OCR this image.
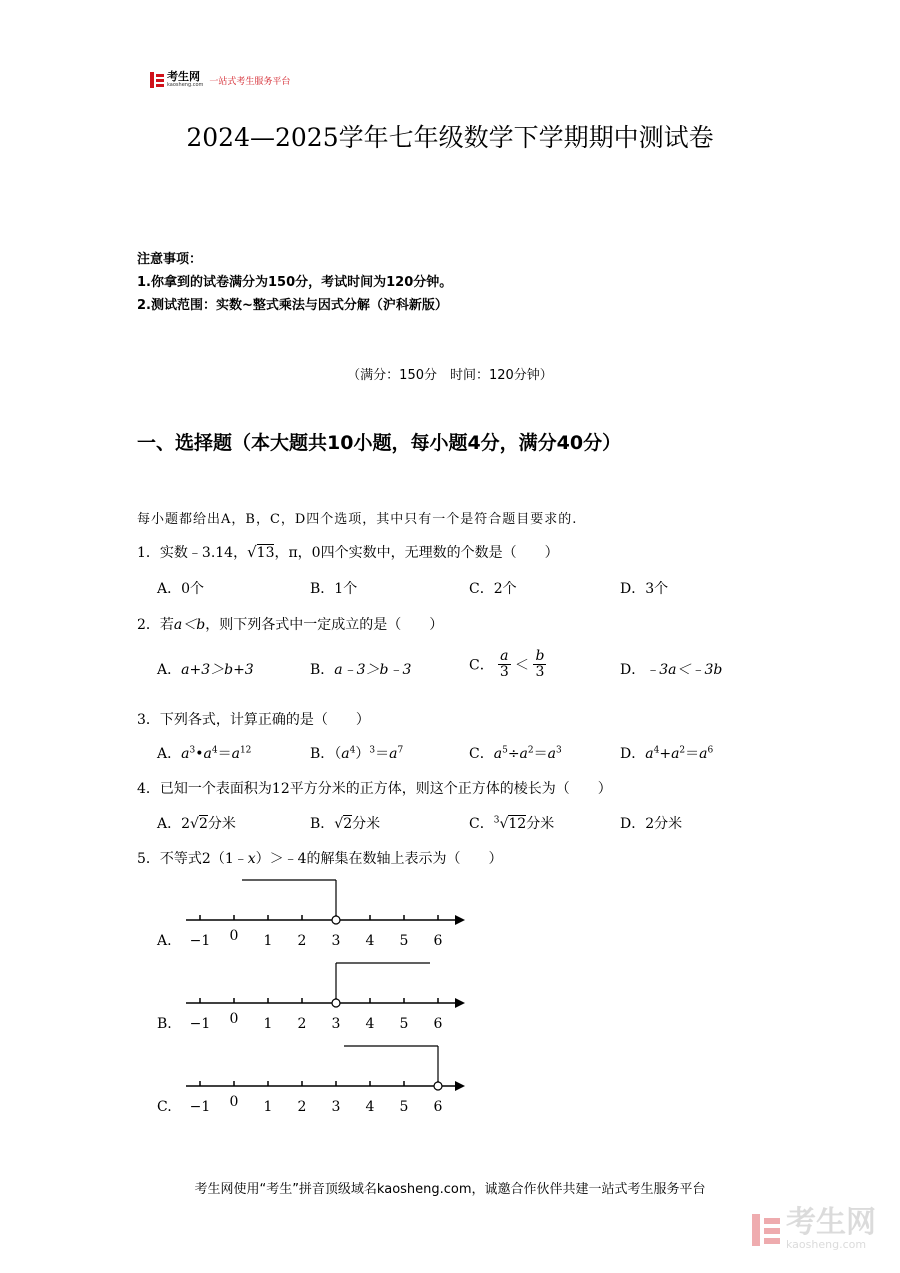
考生网
kaosheng.com 一站式考生服务平台
2024—2025学年七年级数学下学期期中测试卷
注意事项：
1.你拿到的试卷满分为150分，考试时间为120分钟。
2.测试范围：实数~整式乘法与因式分解（沪科新版）
（满分：150分　时间：120分钟）
一、选择题（本大题共10小题，每小题4分，满分40分）
每小题都给出A，B，C，D四个选项，其中只有一个是符合题目要求的.
1．实数﹣3.14，√13，π，0四个实数中，无理数的个数是（　　）
A．0个	B．1个	C．2个	D．3个
2．若a＜b，则下列各式中一定成立的是（　　）
A．a+3＞b+3	B．a﹣3＞b﹣3	C． $\frac{a}{3} < \frac{b}{3}$	D．﹣3a＜﹣3b
3．下列各式，计算正确的是（　　）
A．$a^3•a^4=a^{12}$	B．$(a^4)^3=a^7$	C．$a^5\div a^2=a^3$	D．$a^4+a^2=a^6$
4．已知一个表面积为12平方分米的正方体，则这个正方体的棱长为（　　）
A．2√2分米	B．√2分米	C．$^3$√12分米	D．2分米
5．不等式2（1﹣x）＞﹣4的解集在数轴上表示为（　　）
A. −1 0 1 2 3 4 5 6
B. −1 0 1 2 3 4 5 6
C. −1 0 1 2 3 4 5 6
考生网使用“考生”拼音顶级域名kaosheng.com，诚邀合作伙伴共建一站式考生服务平台
考生网
kaosheng.com
